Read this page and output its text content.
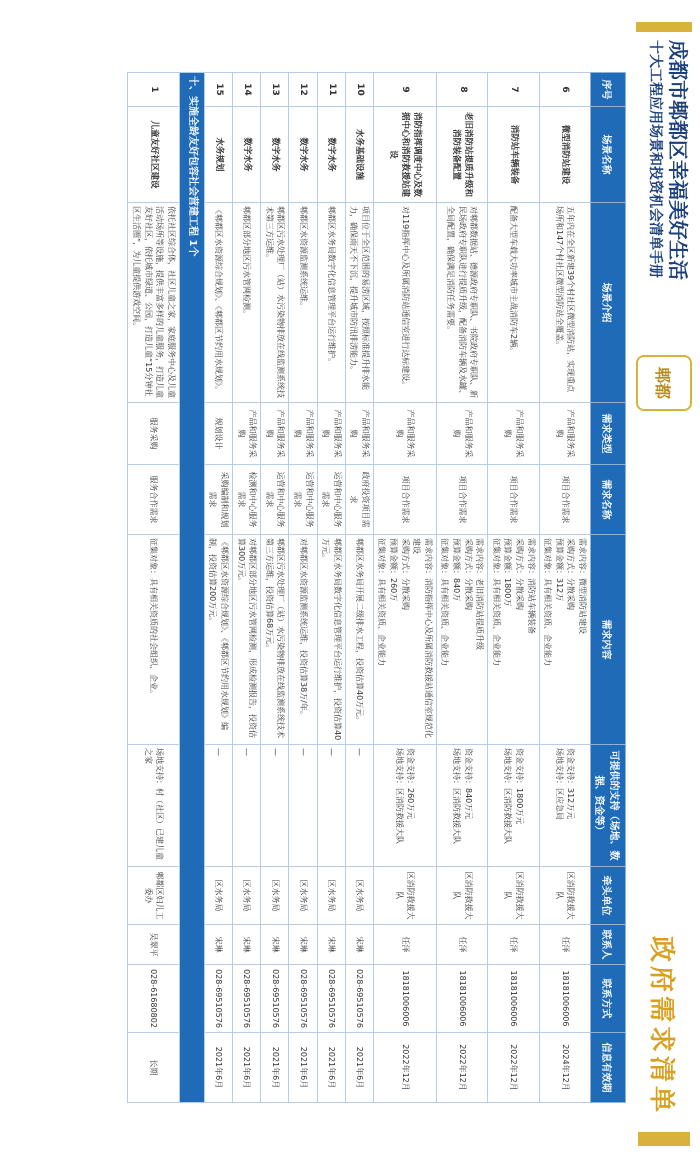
成都市郫都区幸福美好生活
十大工程应用场景和投资机会清单手册
郫都
政府需求清单
序号	场景名称	场景介绍	需求类型	需求名称	需求内容	可提供的支持（场地、数据、资金等）	牵头单位	联系人	联系方式	信息有效期
6	微型消防站建设	五年内在全区新建39个村社区微型消防站，实现重点场所和147个村社区微型消防站全覆盖。	产品和服务采购	项目合作需求	需求内容：微型消防站建设
采购方式：分散采购
预算金额：312万
征集对象：具有相关资质、企业能力	资金支持：312万元
场地支持：区应急局	区消防救援大队	任泽	18181006006	2024年12月
7	消防站车辆装备	配备大型车载大功率城市主战消防车2辆。	产品和服务采购	项目合作需求	需求内容：消防站车辆装备
采购方式：分散采购
预算金额：1800万
征集对象：具有相关资质、企业能力	资金支持：1800万元
场地支持：区消防救援大队	区消防救援大队	任泽	18181006006	2022年12月
8	老旧消防站提质升级和消防装备配置	对郫都数据站、德源政府专职队、书院政府专职队、新民场政府专职队进行提质升级，配备消防车辆及水罐、全局配置，确保满足消防任务需要。	产品和服务采购	项目合作需求	需求内容：老旧消防站提质升级
采购方式：分散采购
预算金额：840万
征集对象：具有相关资质、企业能力	资金支持：840万元
场地支持：区消防救援大队	区消防救援大队	任泽	18181006006	2022年12月
9	消防指挥调度中心及数据中心和消防救援站建设	对119指挥中心及所属消防站通信室进行达标建设。	产品和服务采购	项目合作需求	需求内容：消防指挥中心及所属消防救援站通信室规范化建设
采购方式：分散采购
预算金额：260万
征集对象：具有相关资质、企业能力	资金支持：260万元
场地支持：区消防救援大队	区消防救援大队	任泽	18181006006	2022年12月
10	水务基础设施	项目位于全区范围的易涝区域，按照标准提升排水能力，确保雨天不下沉，提升城市防汛排涝能力。	产品和服务采购	政府投资项目需求	郫都区水务局开展二级排水工程，投资估算40万元。	—	区水务局	宋琳	028-69510576	2021年6月
11	数字水务	郫都区水务局数字化信息管理平台运行维护。	产品和服务采购	运营和中心服务需求	郫都区水务局数字化信息管理平台运行维护，投资估算40万元。	—	区水务局	宋琳	028-69510576	2021年6月
12	数字水务	郫都区水资源监测系统运维。	产品和服务采购	运营和中心服务需求	对郫都区水资源监测系统运维，投资估算38万/年。	—	区水务局	宋琳	028-69510576	2021年6月
13	数字水务	郫都区污水处理厂（站）水污染物排放在线监测系统技术第三方运维。	产品和服务采购	运营和中心服务需求	郫都区污水处理厂（站）水污染物排放在线监测系统技术第三方运维，投资估算68万元。	—	区水务局	宋琳	028-69510576	2021年6月
14	数字水务	郫都区部分地区污水管网检测。	产品和服务采购	检测和中心服务需求	对郫都区部分地区污水管网检测，形成检测报告，投资估算300万元。	—	区水务局	宋琳	028-69510576	2021年6月
15	水务规划	《郫都区水资源综合规划》、《郫都区节约用水规划》。	规划设计	采购编制和规划需求	《郫都区水资源综合规划》、《郫都区节约用水规划》编制，投资估算200万元。	—	区水务局	宋琳	028-69510576	2021年6月
十、实施全龄友好包容社会营建工程 1个										
1	儿童友好社区建设	依托社区综合体，社区儿童之家，家庭服务中心及儿童活动场所等设施，提供丰富多样的儿童服务，打造儿童友好社区，依托城市绿道、公园，打造儿童“15分钟社区生活圈”，为儿童提供游戏空间。	服务采购	服务合作需求	征集对象：具有相关资质的社会组织、企业。	场地支持：村（社区）已建儿童之家	郫都区妇儿工委办	吴翠平	028-61680802	长期
